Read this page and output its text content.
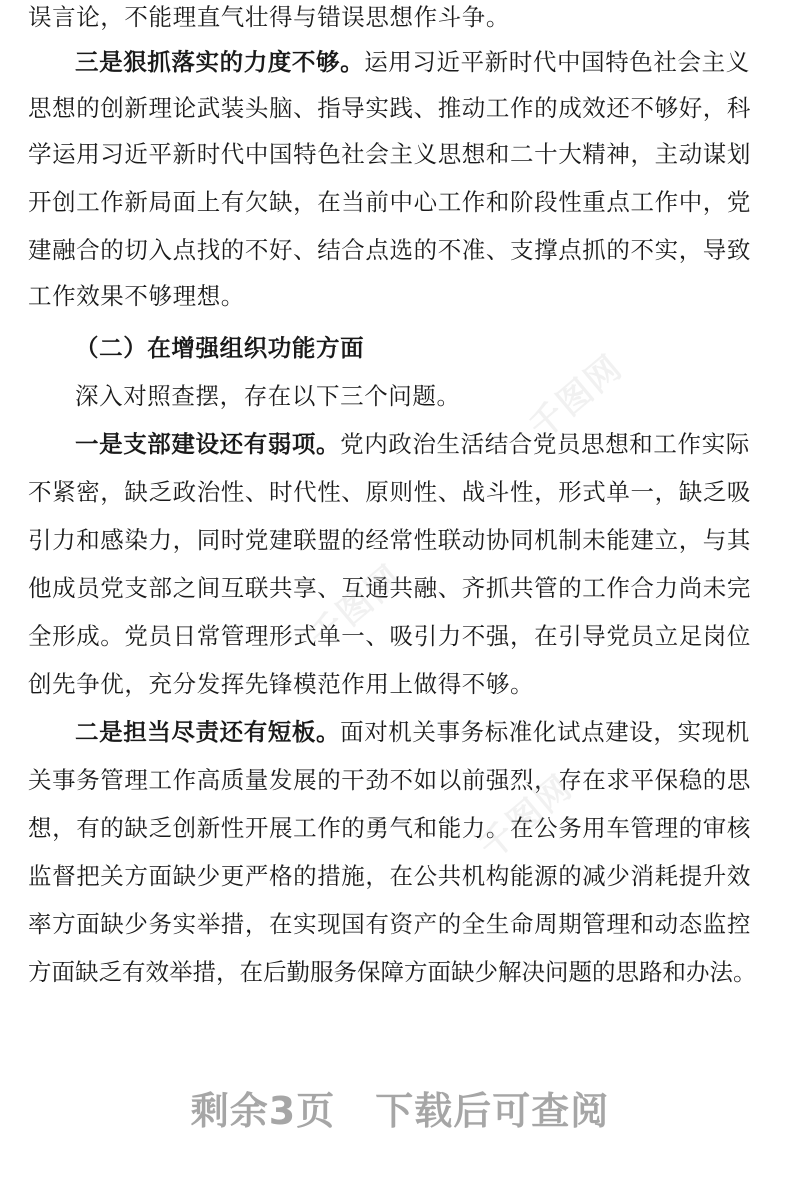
误言论，不能理直气壮得与错误思想作斗争。
三是狠抓落实的力度不够。运用习近平新时代中国特色社会主义
思想的创新理论武装头脑、指导实践、推动工作的成效还不够好，科
学运用习近平新时代中国特色社会主义思想和二十大精神，主动谋划
开创工作新局面上有欠缺，在当前中心工作和阶段性重点工作中，党
建融合的切入点找的不好、结合点选的不准、支撑点抓的不实，导致
工作效果不够理想。
（二）在增强组织功能方面
深入对照查摆，存在以下三个问题。
一是支部建设还有弱项。党内政治生活结合党员思想和工作实际
不紧密，缺乏政治性、时代性、原则性、战斗性，形式单一，缺乏吸
引力和感染力，同时党建联盟的经常性联动协同机制未能建立，与其
他成员党支部之间互联共享、互通共融、齐抓共管的工作合力尚未完
全形成。党员日常管理形式单一、吸引力不强，在引导党员立足岗位
创先争优，充分发挥先锋模范作用上做得不够。
二是担当尽责还有短板。面对机关事务标准化试点建设，实现机
关事务管理工作高质量发展的干劲不如以前强烈，存在求平保稳的思
想，有的缺乏创新性开展工作的勇气和能力。在公务用车管理的审核
监督把关方面缺少更严格的措施，在公共机构能源的减少消耗提升效
率方面缺少务实举措，在实现国有资产的全生命周期管理和动态监控
方面缺乏有效举措，在后勤服务保障方面缺少解决问题的思路和办法。
千图网
千图网
千图网
剩余3页 下载后可查阅
